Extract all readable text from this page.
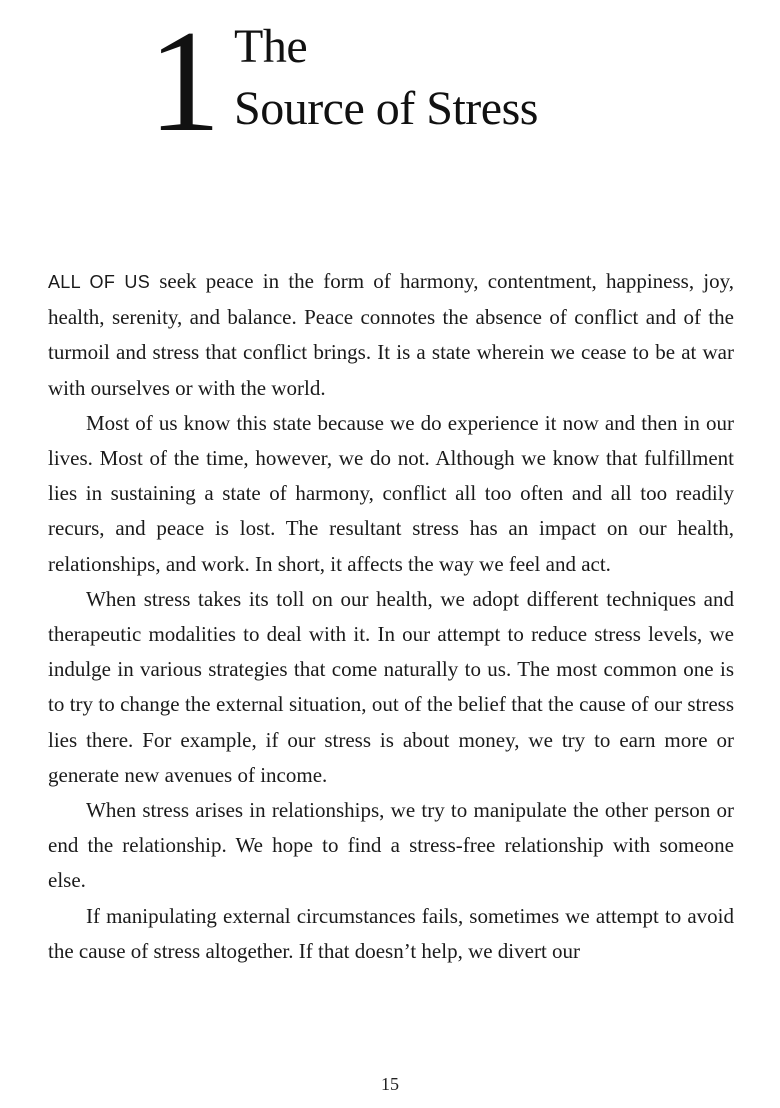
1 The
Source of Stress

ALL OF US seek peace in the form of harmony, contentment, happiness, joy, health, serenity, and balance. Peace connotes the absence of conflict and of the turmoil and stress that conflict brings. It is a state wherein we cease to be at war with ourselves or with the world.

Most of us know this state because we do experience it now and then in our lives. Most of the time, however, we do not. Although we know that fulfillment lies in sustaining a state of harmony, conflict all too often and all too readily recurs, and peace is lost. The resultant stress has an impact on our health, relationships, and work. In short, it affects the way we feel and act.

When stress takes its toll on our health, we adopt different techniques and therapeutic modalities to deal with it. In our attempt to reduce stress levels, we indulge in various strategies that come naturally to us. The most common one is to try to change the external situation, out of the belief that the cause of our stress lies there. For example, if our stress is about money, we try to earn more or generate new avenues of income.

When stress arises in relationships, we try to manipulate the other person or end the relationship. We hope to find a stress-free relationship with someone else.

If manipulating external circumstances fails, sometimes we attempt to avoid the cause of stress altogether. If that doesn’t help, we divert our

15
